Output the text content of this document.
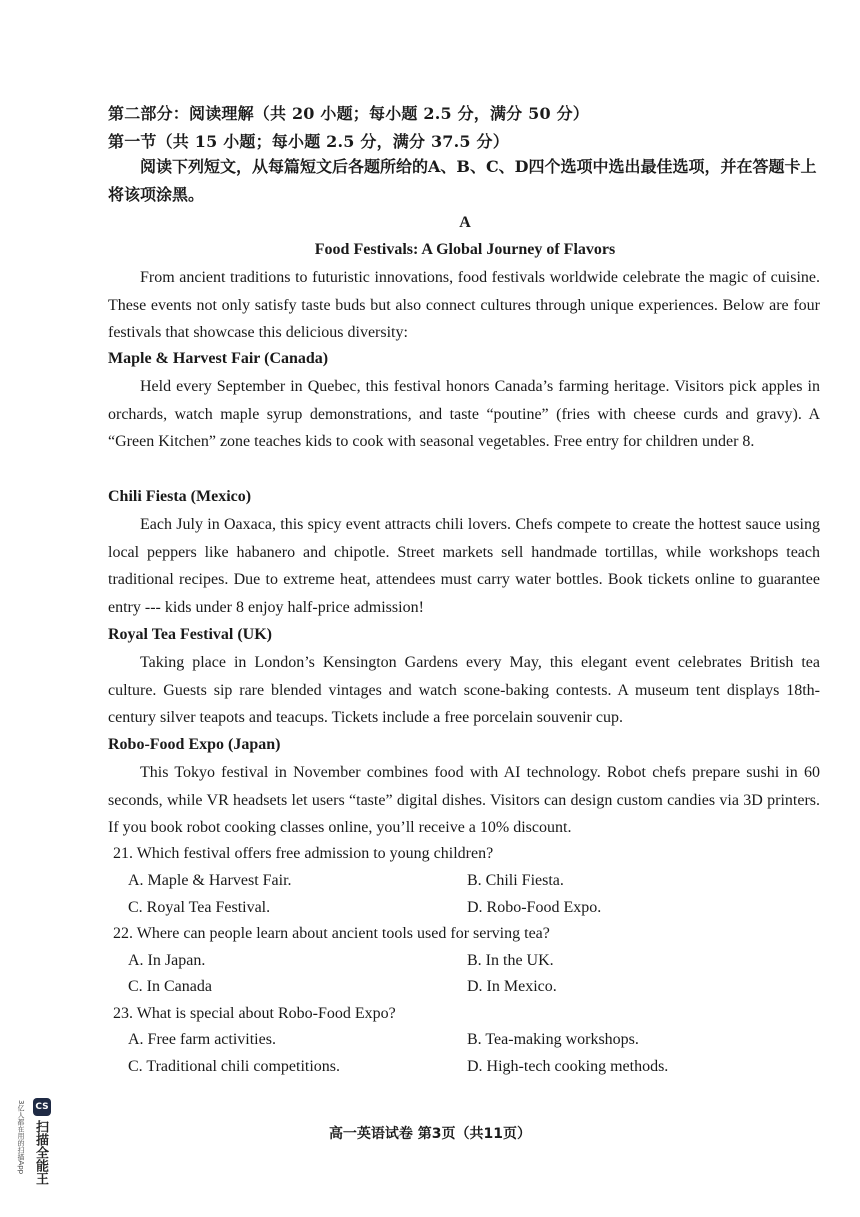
第二部分：阅读理解（共 20 小题；每小题 2.5 分，满分 50 分）
第一节（共 15 小题；每小题 2.5 分，满分 37.5 分）
阅读下列短文，从每篇短文后各题所给的A、B、C、D四个选项中选出最佳选项，并在答题卡上将该项涂黑。
A
Food Festivals: A Global Journey of Flavors
From ancient traditions to futuristic innovations, food festivals worldwide celebrate the magic of cuisine. These events not only satisfy taste buds but also connect cultures through unique experiences. Below are four festivals that showcase this delicious diversity:
Maple & Harvest Fair (Canada)
Held every September in Quebec, this festival honors Canada’s farming heritage. Visitors pick apples in orchards, watch maple syrup demonstrations, and taste “poutine” (fries with cheese curds and gravy). A “Green Kitchen” zone teaches kids to cook with seasonal vegetables. Free entry for children under 8.
Chili Fiesta (Mexico)
Each July in Oaxaca, this spicy event attracts chili lovers. Chefs compete to create the hottest sauce using local peppers like habanero and chipotle. Street markets sell handmade tortillas, while workshops teach traditional recipes. Due to extreme heat, attendees must carry water bottles. Book tickets online to guarantee entry --- kids under 8 enjoy half-price admission!
Royal Tea Festival (UK)
Taking place in London’s Kensington Gardens every May, this elegant event celebrates British tea culture. Guests sip rare blended vintages and watch scone-baking contests. A museum tent displays 18th-century silver teapots and teacups. Tickets include a free porcelain souvenir cup.
Robo-Food Expo (Japan)
This Tokyo festival in November combines food with AI technology. Robot chefs prepare sushi in 60 seconds, while VR headsets let users “taste” digital dishes. Visitors can design custom candies via 3D printers. If you book robot cooking classes online, you’ll receive a 10% discount.
21. Which festival offers free admission to young children?
A. Maple & Harvest Fair.	B. Chili Fiesta.
C. Royal Tea Festival.	D. Robo-Food Expo.
22. Where can people learn about ancient tools used for serving tea?
A. In Japan.	B. In the UK.
C. In Canada	D. In Mexico.
23. What is special about Robo-Food Expo?
A. Free farm activities.	B. Tea-making workshops.
C. Traditional chili competitions.	D. High-tech cooking methods.
高一英语试卷 第3页（共11页）
CS
扫描全能王
3亿人都在用的扫描App
